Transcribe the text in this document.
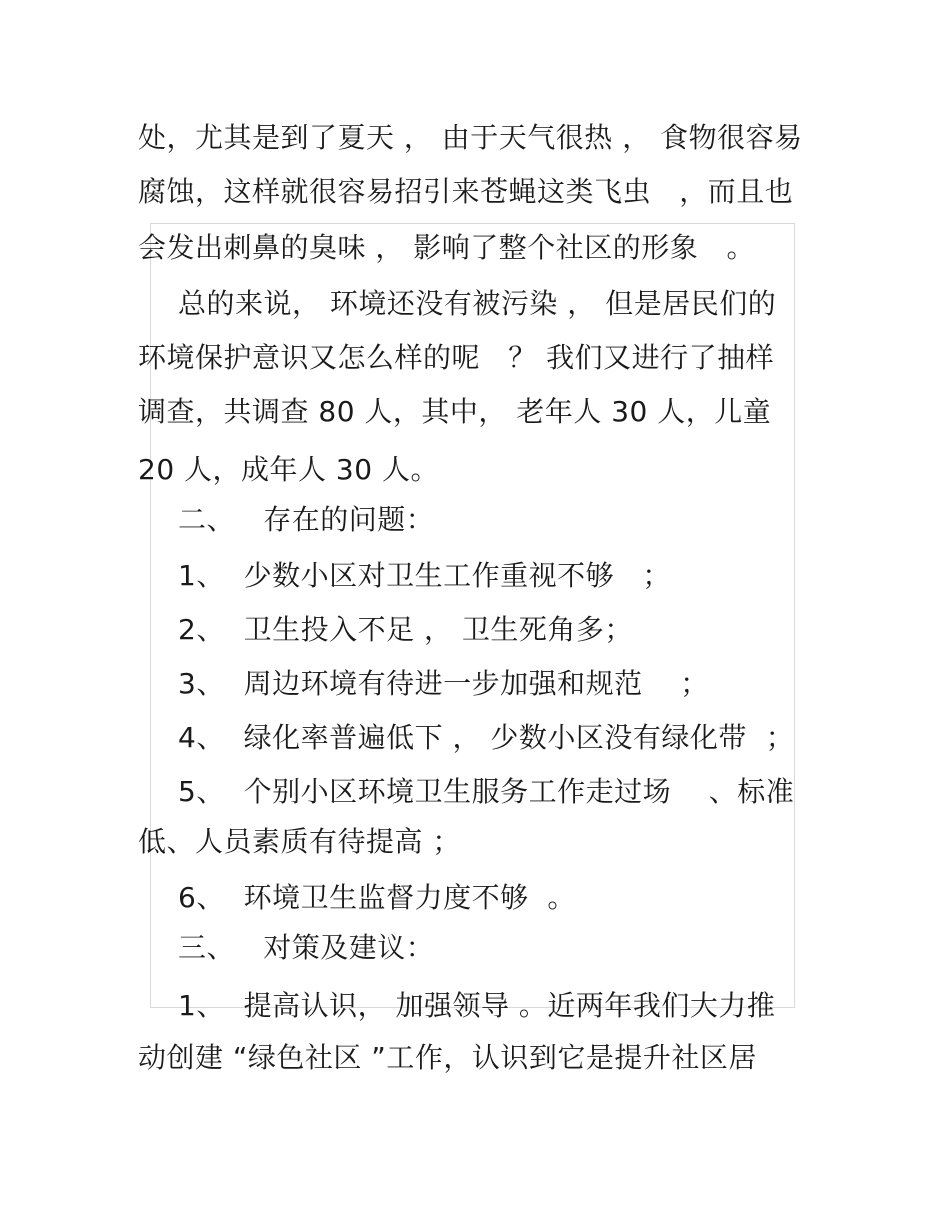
处，尤其是到了夏天 ， 由于天气很热 ， 食物很容易
腐蚀，这样就很容易招引来苍蝇这类飞虫   ，而且也
会发出刺鼻的臭味 ， 影响了整个社区的形象   。
总的来说， 环境还没有被污染 ， 但是居民们的
环境保护意识又怎么样的呢   ？ 我们又进行了抽样
调查，共调查 80 人，其中， 老年人 30 人，儿童
20 人，成年人 30 人。
二、   存在的问题：
1、  少数小区对卫生工作重视不够   ；
2、  卫生投入不足 ， 卫生死角多；
3、  周边环境有待进一步加强和规范    ；
4、  绿化率普遍低下 ， 少数小区没有绿化带  ；
5、  个别小区环境卫生服务工作走过场    、标准
低、人员素质有待提高 ；
6、  环境卫生监督力度不够  。
三、   对策及建议：
1、  提高认识， 加强领导 。近两年我们大力推
动创建 “绿色社区 ”工作，认识到它是提升社区居
